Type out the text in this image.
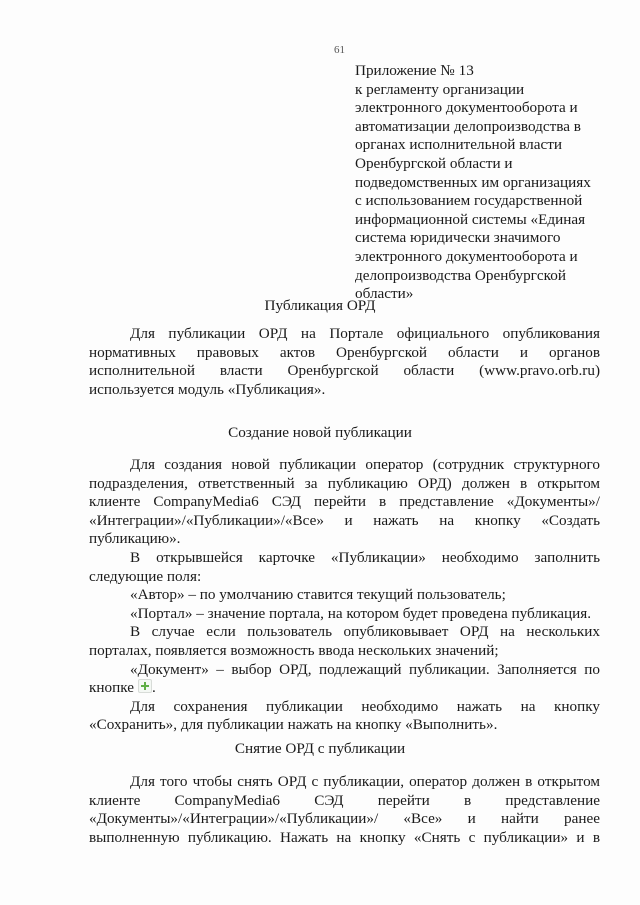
61
Приложение № 13
к регламенту организации
электронного документооборота и
автоматизации делопроизводства в
органах исполнительной власти
Оренбургской области и
подведомственных им организациях
с использованием государственной
информационной системы «Единая
система юридически значимого
электронного документооборота и
делопроизводства Оренбургской
области»
Публикация ОРД
Для публикации ОРД на Портале официального опубликования
нормативных правовых актов Оренбургской области и органов
исполнительной власти Оренбургской области (www.pravo.orb.ru)
используется модуль «Публикация».
Создание новой публикации
Для создания новой публикации оператор (сотрудник структурного
подразделения, ответственный за публикацию ОРД) должен в открытом
клиенте CompanyMedia6 СЭД перейти в представление «Документы»/
«Интеграции»/«Публикации»/«Все» и нажать на кнопку «Создать
публикацию».
В открывшейся карточке «Публикации» необходимо заполнить
следующие поля:
«Автор» – по умолчанию ставится текущий пользователь;
«Портал» – значение портала, на котором будет проведена публикация.
В случае если пользователь опубликовывает ОРД на нескольких
порталах, появляется возможность ввода нескольких значений;
«Документ» – выбор ОРД, подлежащий публикации. Заполняется по
кнопке .
Для сохранения публикации необходимо нажать на кнопку
«Сохранить», для публикации нажать на кнопку «Выполнить».
Снятие ОРД с публикации
Для того чтобы снять ОРД с публикации, оператор должен в открытом
клиенте CompanyMedia6 СЭД перейти в представление
«Документы»/«Интеграции»/«Публикации»/ «Все» и найти ранее
выполненную публикацию. Нажать на кнопку «Снять с публикации» и в
